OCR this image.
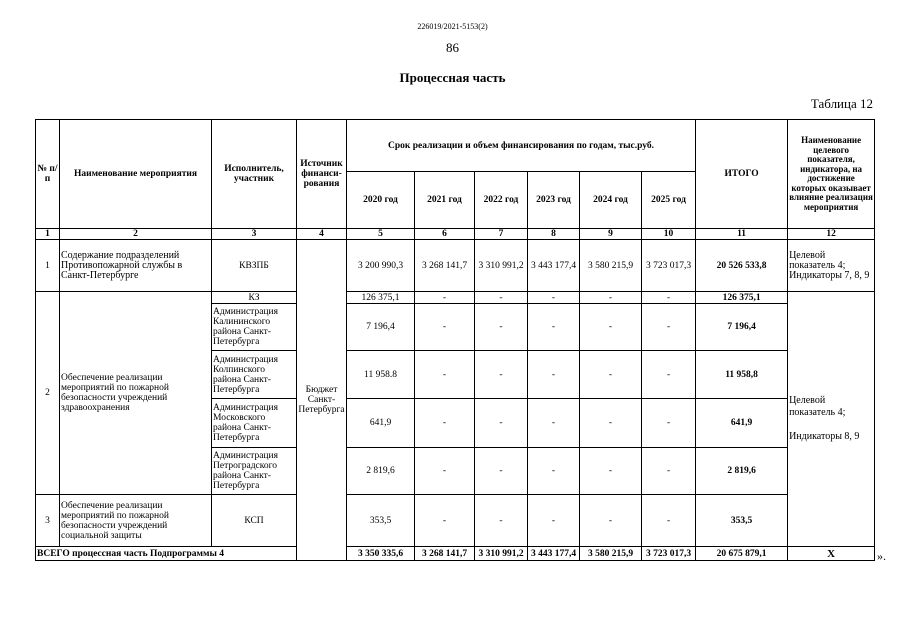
226019/2021-5153(2)
86
Процессная часть
Таблица 12
№ п/п	Наименование мероприятия	Исполнитель, участник	Источник финанси-рования	Срок реализации и объем финансирования по годам, тыс.руб.						ИТОГО	Наименование целевого показателя, индикатора, на достижение которых оказывает влияние реализация мероприятия
				2020 год	2021 год	2022 год	2023 год	2024 год	2025 год		
1	2	3	4	5	6	7	8	9	10	11	12
1	Содержание подразделений Противопожарной службы в Санкт-Петербурге	КВЗПБ	Бюджет Санкт-Петербурга	3 200 990,3	3 268 141,7	3 310 991,2	3 443 177,4	3 580 215,9	3 723 017,3	20 526 533,8	Целевой показатель 4; Индикаторы 7, 8, 9
2	Обеспечение реализации мероприятий по пожарной безопасности учреждений здравоохранения	КЗ		126 375,1	-	-	-	-	-	126 375,1	Целевой показатель 4;

Индикаторы 8, 9
		Администрация Калининского района Санкт-Петербурга		7 196,4	-	-	-	-	-	7 196,4	
		Администрация Колпинского района Санкт-Петербурга		11 958.8	-	-	-	-	-	11 958,8	
		Администрация Московского района Санкт-Петербурга		641,9	-	-	-	-	-	641,9	
		Администрация Петроградского района Санкт-Петербурга		2 819,6	-	-	-	-	-	2 819,6	
3	Обеспечение реализации мероприятий по пожарной безопасности учреждений социальной защиты	КСП		353,5	-	-	-	-	-	353,5	
ВСЕГО процессная часть Подпрограммы 4				3 350 335,6	3 268 141,7	3 310 991,2	3 443 177,4	3 580 215,9	3 723 017,3	20 675 879,1	Х	».
